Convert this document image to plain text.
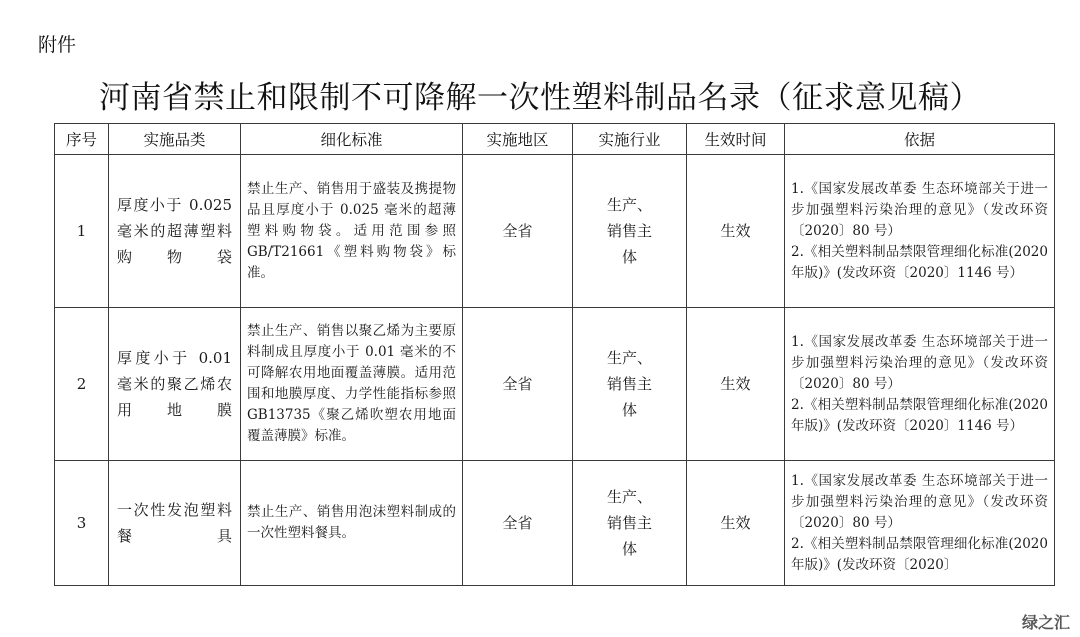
附件
河南省禁止和限制不可降解一次性塑料制品名录（征求意见稿）
序号	实施品类	细化标准	实施地区	实施行业	生效时间	依据
1	厚度小于 0.025 毫米的超薄塑料购物袋	禁止生产、销售用于盛装及携提物品且厚度小于 0.025 毫米的超薄塑料购物袋。适用范围参照 GB/T21661《塑料购物袋》标准。	全省	生产、销售主体	生效	1.《国家发展改革委 生态环境部关于进一步加强塑料污染治理的意见》（发改环资〔2020〕80 号）
2.《相关塑料制品禁限管理细化标准(2020 年版)》(发改环资〔2020〕1146 号）

2	厚度小于 0.01 毫米的聚乙烯农用地膜	禁止生产、销售以聚乙烯为主要原料制成且厚度小于 0.01 毫米的不可降解农用地面覆盖薄膜。适用范围和地膜厚度、力学性能指标参照 GB13735《聚乙烯吹塑农用地面覆盖薄膜》标准。	全省	生产、销售主体	生效	1.《国家发展改革委 生态环境部关于进一步加强塑料污染治理的意见》（发改环资〔2020〕80 号）
2.《相关塑料制品禁限管理细化标准(2020 年版)》(发改环资〔2020〕1146 号）

3	一次性发泡塑料餐具	禁止生产、销售用泡沫塑料制成的一次性塑料餐具。	全省	生产、销售主体	生效	1.《国家发展改革委 生态环境部关于进一步加强塑料污染治理的意见》（发改环资〔2020〕80 号）
2.《相关塑料制品禁限管理细化标准(2020 年版)》(发改环资〔2020〕
绿之汇
